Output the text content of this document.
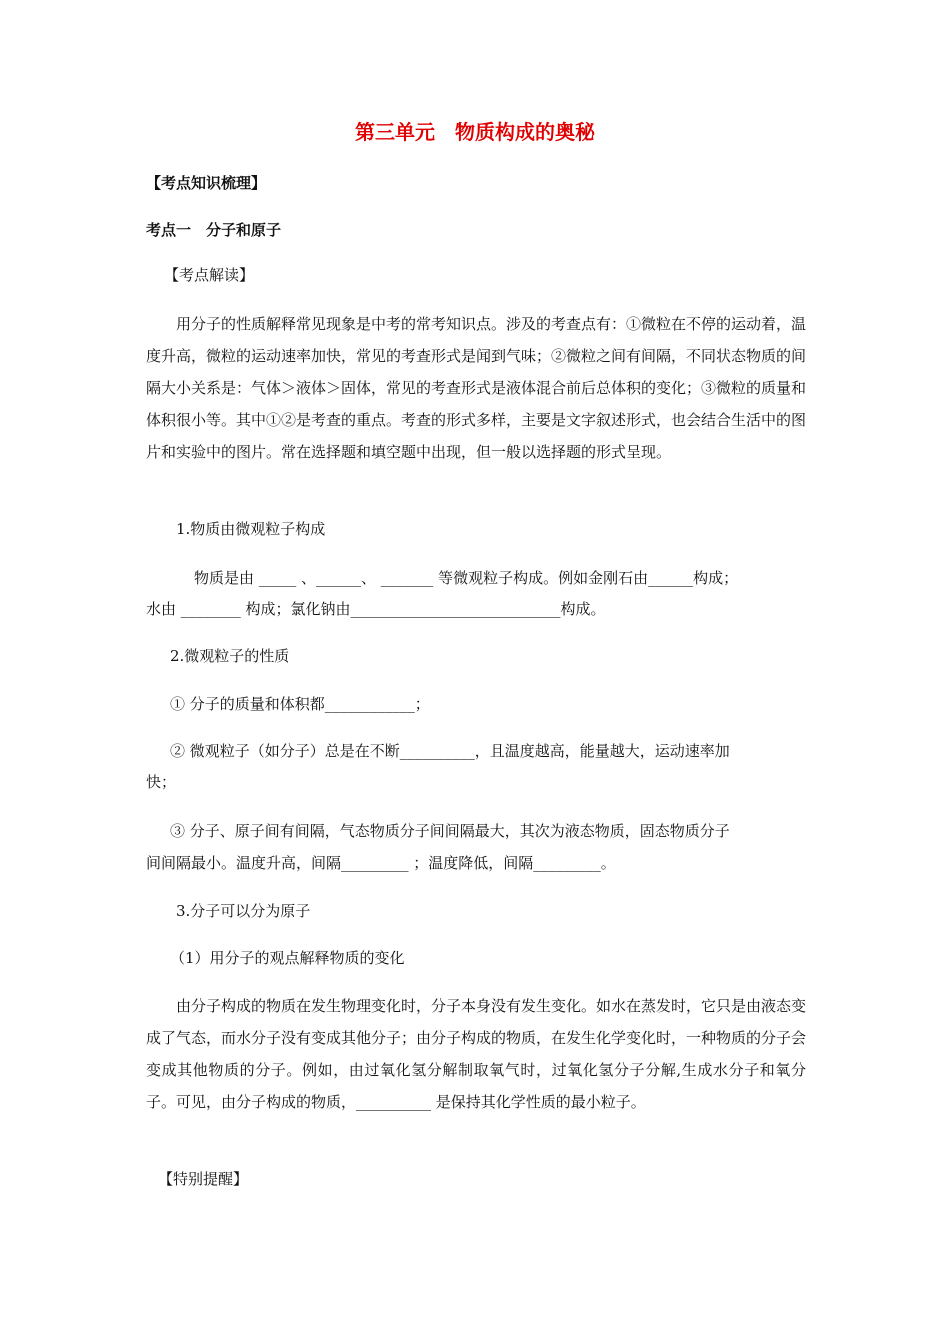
第三单元　物质构成的奥秘
【考点知识梳理】
考点一　分子和原子
【考点解读】
用分子的性质解释常见现象是中考的常考知识点。涉及的考查点有：①微粒在不停的运动着，温度升高，微粒的运动速率加快，常见的考查形式是闻到气味；②微粒之间有间隔，不同状态物质的间隔大小关系是：气体＞液体＞固体，常见的考查形式是液体混合前后总体积的变化；③微粒的质量和体积很小等。其中①②是考查的重点。考查的形式多样，主要是文字叙述形式，也会结合生活中的图片和实验中的图片。常在选择题和填空题中出现，但一般以选择题的形式呈现。
1.物质由微观粒子构成
物质是由 _____ 、______、 _______ 等微观粒子构成。例如金刚石由______构成；
水由 ________ 构成；氯化钠由____________________________构成。
2.微观粒子的性质
① 分子的质量和体积都____________；
② 微观粒子（如分子）总是在不断__________，且温度越高，能量越大，运动速率加
快；
③ 分子、原子间有间隔，气态物质分子间间隔最大，其次为液态物质，固态物质分子
间间隔最小。温度升高，间隔_________ ；温度降低，间隔_________。
3.分子可以分为原子
（1）用分子的观点解释物质的变化
由分子构成的物质在发生物理变化时，分子本身没有发生变化。如水在蒸发时，它只是由液态变成了气态，而水分子没有变成其他分子；由分子构成的物质，在发生化学变化时，一种物质的分子会变成其他物质的分子。例如，由过氧化氢分解制取氧气时，过氧化氢分子分解,生成水分子和氧分子。可见，由分子构成的物质，__________ 是保持其化学性质的最小粒子。
【特别提醒】
